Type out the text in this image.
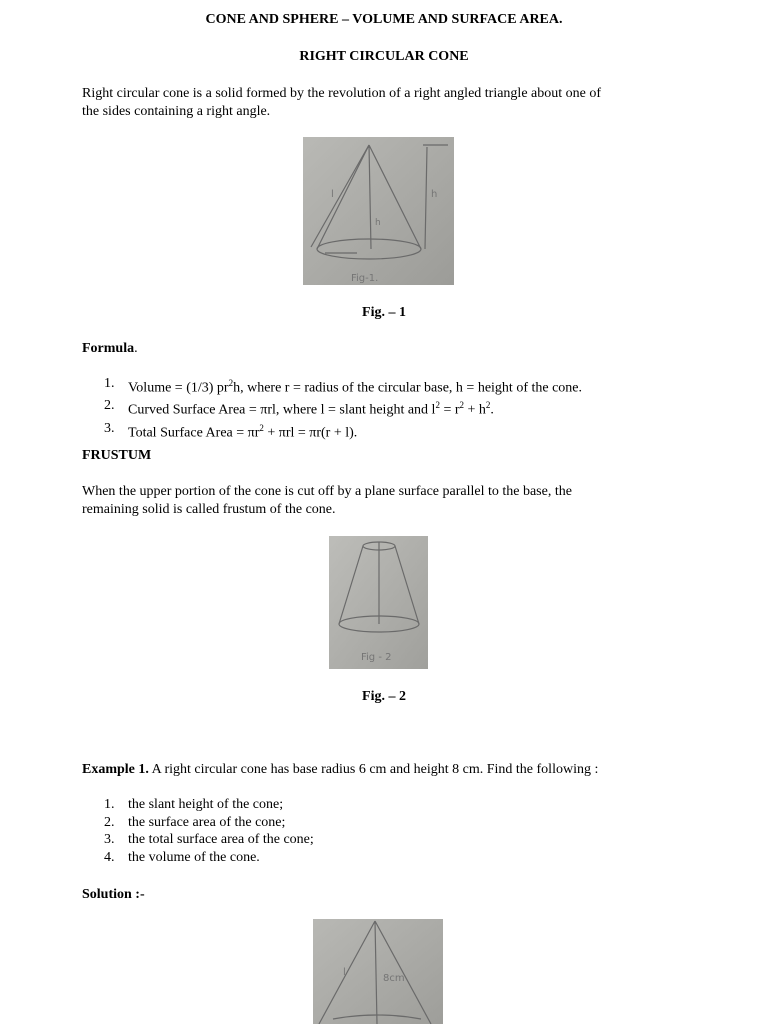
CONE AND SPHERE – VOLUME AND SURFACE AREA.
RIGHT CIRCULAR CONE
Right circular cone is a solid formed by the revolution of a right angled triangle about one of
the sides containing a right angle.
l
h
h
Fig-1.
Fig. – 1
Formula.
1. Volume = (1/3) $pr^2h$, where r = radius of the circular base, h = height of the cone.
2. Curved Surface Area = πrl, where l = slant height and $l^2 = r^2 + h^2$.
3. Total Surface Area = $\pi r^2 + \pi rl = \pi r(r + l)$.
FRUSTUM
When the upper portion of the cone is cut off by a plane surface parallel to the base, the
remaining solid is called frustum of the cone.
Fig - 2
Fig. – 2
Example 1. A right circular cone has base radius 6 cm and height 8 cm. Find the following :
1. the slant height of the cone;
2. the surface area of the cone;
3. the total surface area of the cone;
4. the volume of the cone.
Solution :-
l
8cm
